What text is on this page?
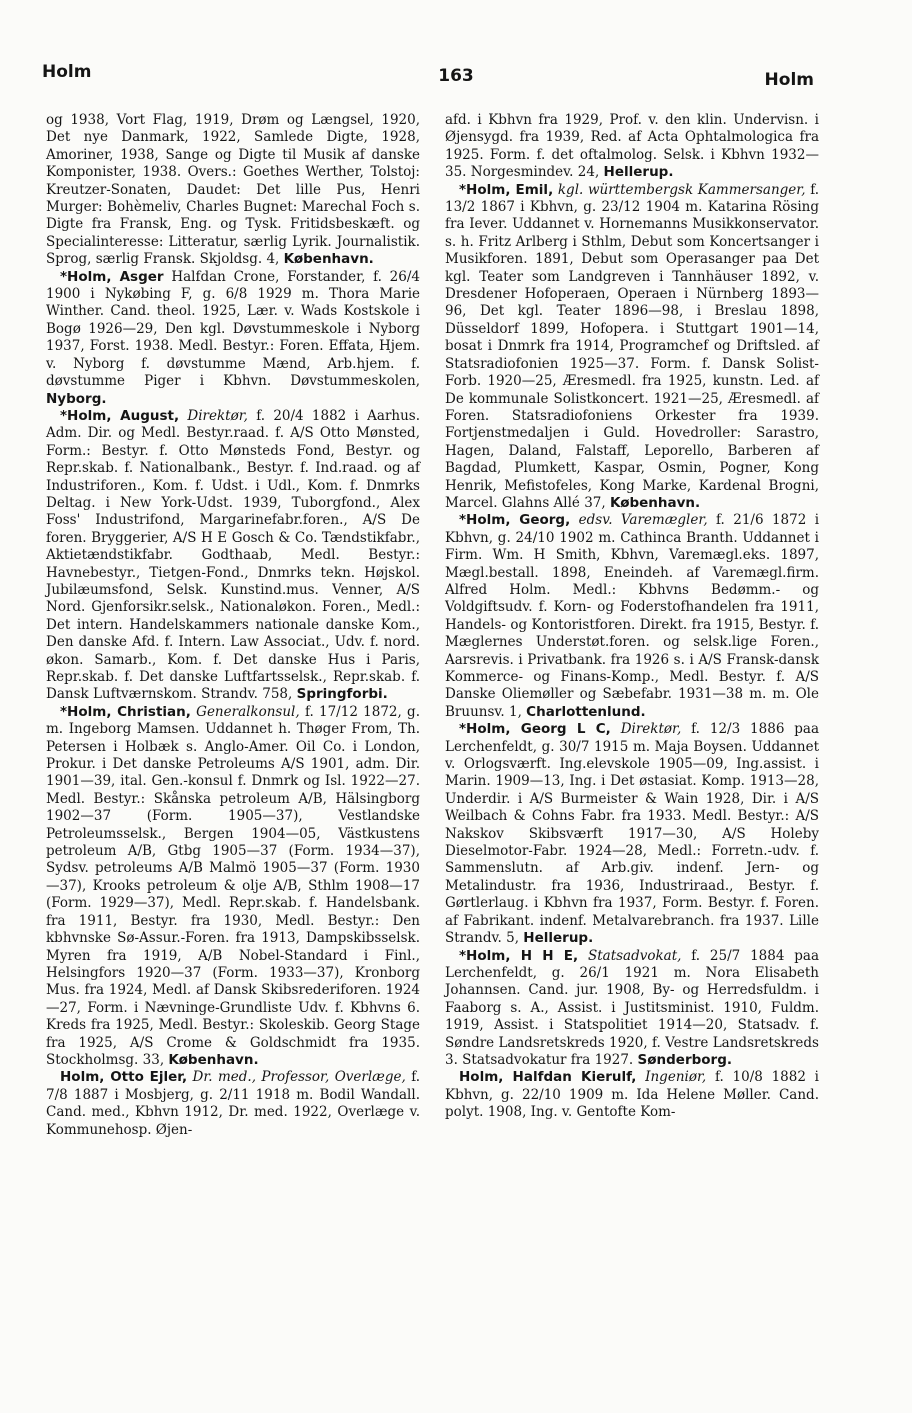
Holm	163	Holm

og 1938, Vort Flag, 1919, Drøm og Længsel, 1920, Det nye Danmark, 1922, Samlede Digte, 1928, Amoriner, 1938, Sange og Digte til Musik af danske Komponister, 1938. Overs.: Goethes Werther, Tolstoj: Kreutzer-Sonaten, Daudet: Det lille Pus, Henri Murger: Bohèmeliv, Charles Bugnet: Marechal Foch s. Digte fra Fransk, Eng. og Tysk. Fritidsbeskæft. og Specialinteresse: Litteratur, særlig Lyrik. Journalistik. Sprog, særlig Fransk. Skjoldsg. 4, København.

*Holm, Asger Halfdan Crone, Forstander, f. 26/4 1900 i Nykøbing F, g. 6/8 1929 m. Thora Marie Winther. Cand. theol. 1925, Lær. v. Wads Kostskole i Bogø 1926—29, Den kgl. Døvstummeskole i Nyborg 1937, Forst. 1938. Medl. Bestyr.: Foren. Effata, Hjem. v. Nyborg f. døvstumme Mænd, Arb.hjem. f. døvstumme Piger i Kbhvn. Døvstummeskolen, Nyborg.

*Holm, August, Direktør, f. 20/4 1882 i Aarhus. Adm. Dir. og Medl. Bestyr.raad. f. A/S Otto Mønsted, Form.: Bestyr. f. Otto Mønsteds Fond, Bestyr. og Repr.skab. f. Nationalbank., Bestyr. f. Ind.raad. og af Industriforen., Kom. f. Udst. i Udl., Kom. f. Dnmrks Deltag. i New York-Udst. 1939, Tuborgfond., Alex Foss' Industrifond, Margarinefabr.foren., A/S De foren. Bryggerier, A/S H E Gosch & Co. Tændstikfabr., Aktietændstikfabr. Godthaab, Medl. Bestyr.: Havnebestyr., Tietgen-Fond., Dnmrks tekn. Højskol. Jubilæumsfond, Selsk. Kunstind.mus. Venner, A/S Nord. Gjenforsikr.selsk., Nationaløkon. Foren., Medl.: Det intern. Handelskammers nationale danske Kom., Den danske Afd. f. Intern. Law Associat., Udv. f. nord. økon. Samarb., Kom. f. Det danske Hus i Paris, Repr.skab. f. Det danske Luftfartsselsk., Repr.skab. f. Dansk Luftværnskom. Strandv. 758, Springforbi.

*Holm, Christian, Generalkonsul, f. 17/12 1872, g. m. Ingeborg Mamsen. Uddannet h. Thøger From, Th. Petersen i Holbæk s. Anglo-Amer. Oil Co. i London, Prokur. i Det danske Petroleums A/S 1901, adm. Dir. 1901—39, ital. Gen.-konsul f. Dnmrk og Isl. 1922—27. Medl. Bestyr.: Skånska petroleum A/B, Hälsingborg 1902—37 (Form. 1905—37), Vestlandske Petroleumsselsk., Bergen 1904—05, Västkustens petroleum A/B, Gtbg 1905—37 (Form. 1934—37), Sydsv. petroleums A/B Malmö 1905—37 (Form. 1930—37), Krooks petroleum & olje A/B, Sthlm 1908—17 (Form. 1929—37), Medl. Repr.skab. f. Handelsbank. fra 1911, Bestyr. fra 1930, Medl. Bestyr.: Den kbhvnske Sø-Assur.-Foren. fra 1913, Dampskibsselsk. Myren fra 1919, A/B Nobel-Standard i Finl., Helsingfors 1920—37 (Form. 1933—37), Kronborg Mus. fra 1924, Medl. af Dansk Skibsrederiforen. 1924—27, Form. i Nævninge-Grundliste Udv. f. Kbhvns 6. Kreds fra 1925, Medl. Bestyr.: Skoleskib. Georg Stage fra 1925, A/S Crome & Goldschmidt fra 1935. Stockholmsg. 33, København.

Holm, Otto Ejler, Dr. med., Professor, Overlæge, f. 7/8 1887 i Mosbjerg, g. 2/11 1918 m. Bodil Wandall. Cand. med., Kbhvn 1912, Dr. med. 1922, Overlæge v. Kommunehosp. Øjen-

afd. i Kbhvn fra 1929, Prof. v. den klin. Undervisn. i Øjensygd. fra 1939, Red. af Acta Ophtalmologica fra 1925. Form. f. det oftalmolog. Selsk. i Kbhvn 1932—35. Norgesmindev. 24, Hellerup.

*Holm, Emil, kgl. württembergsk Kammersanger, f. 13/2 1867 i Kbhvn, g. 23/12 1904 m. Katarina Rösing fra Iever. Uddannet v. Hornemanns Musikkonservator. s. h. Fritz Arlberg i Sthlm, Debut som Koncertsanger i Musikforen. 1891, Debut som Operasanger paa Det kgl. Teater som Landgreven i Tannhäuser 1892, v. Dresdener Hofoperaen, Operaen i Nürnberg 1893—96, Det kgl. Teater 1896—98, i Breslau 1898, Düsseldorf 1899, Hofopera. i Stuttgart 1901—14, bosat i Dnmrk fra 1914, Programchef og Driftsled. af Statsradiofonien 1925—37. Form. f. Dansk Solist-Forb. 1920—25, Æresmedl. fra 1925, kunstn. Led. af De kommunale Solistkoncert. 1921—25, Æresmedl. af Foren. Statsradiofoniens Orkester fra 1939. Fortjenstmedaljen i Guld. Hovedroller: Sarastro, Hagen, Daland, Falstaff, Leporello, Barberen af Bagdad, Plumkett, Kaspar, Osmin, Pogner, Kong Henrik, Mefistofeles, Kong Marke, Kardenal Brogni, Marcel. Glahns Allé 37, København.

*Holm, Georg, edsv. Varemægler, f. 21/6 1872 i Kbhvn, g. 24/10 1902 m. Cathinca Branth. Uddannet i Firm. Wm. H Smith, Kbhvn, Varemægl.eks. 1897, Mægl.bestall. 1898, Eneindeh. af Varemægl.firm. Alfred Holm. Medl.: Kbhvns Bedømm.- og Voldgiftsudv. f. Korn- og Foderstofhandelen fra 1911, Handels- og Kontoristforen. Direkt. fra 1915, Bestyr. f. Mæglernes Understøt.foren. og selsk.lige Foren., Aarsrevis. i Privatbank. fra 1926 s. i A/S Fransk-dansk Kommerce- og Finans-Komp., Medl. Bestyr. f. A/S Danske Oliemøller og Sæbefabr. 1931—38 m. m. Ole Bruunsv. 1, Charlottenlund.

*Holm, Georg L C, Direktør, f. 12/3 1886 paa Lerchenfeldt, g. 30/7 1915 m. Maja Boysen. Uddannet v. Orlogsværft. Ing.elevskole 1905—09, Ing.assist. i Marin. 1909—13, Ing. i Det østasiat. Komp. 1913—28, Underdir. i A/S Burmeister & Wain 1928, Dir. i A/S Weilbach & Cohns Fabr. fra 1933. Medl. Bestyr.: A/S Nakskov Skibsværft 1917—30, A/S Holeby Dieselmotor-Fabr. 1924—28, Medl.: Forretn.-udv. f. Sammenslutn. af Arb.giv. indenf. Jern- og Metalindustr. fra 1936, Industriraad., Bestyr. f. Gørtlerlaug. i Kbhvn fra 1937, Form. Bestyr. f. Foren. af Fabrikant. indenf. Metalvarebranch. fra 1937. Lille Strandv. 5, Hellerup.

*Holm, H H E, Statsadvokat, f. 25/7 1884 paa Lerchenfeldt, g. 26/1 1921 m. Nora Elisabeth Johannsen. Cand. jur. 1908, By- og Herredsfuldm. i Faaborg s. A., Assist. i Justitsminist. 1910, Fuldm. 1919, Assist. i Statspolitiet 1914—20, Statsadv. f. Søndre Landsretskreds 1920, f. Vestre Landsretskreds 3. Statsadvokatur fra 1927. Sønderborg.

Holm, Halfdan Kierulf, Ingeniør, f. 10/8 1882 i Kbhvn, g. 22/10 1909 m. Ida Helene Møller. Cand. polyt. 1908, Ing. v. Gentofte Kom-
